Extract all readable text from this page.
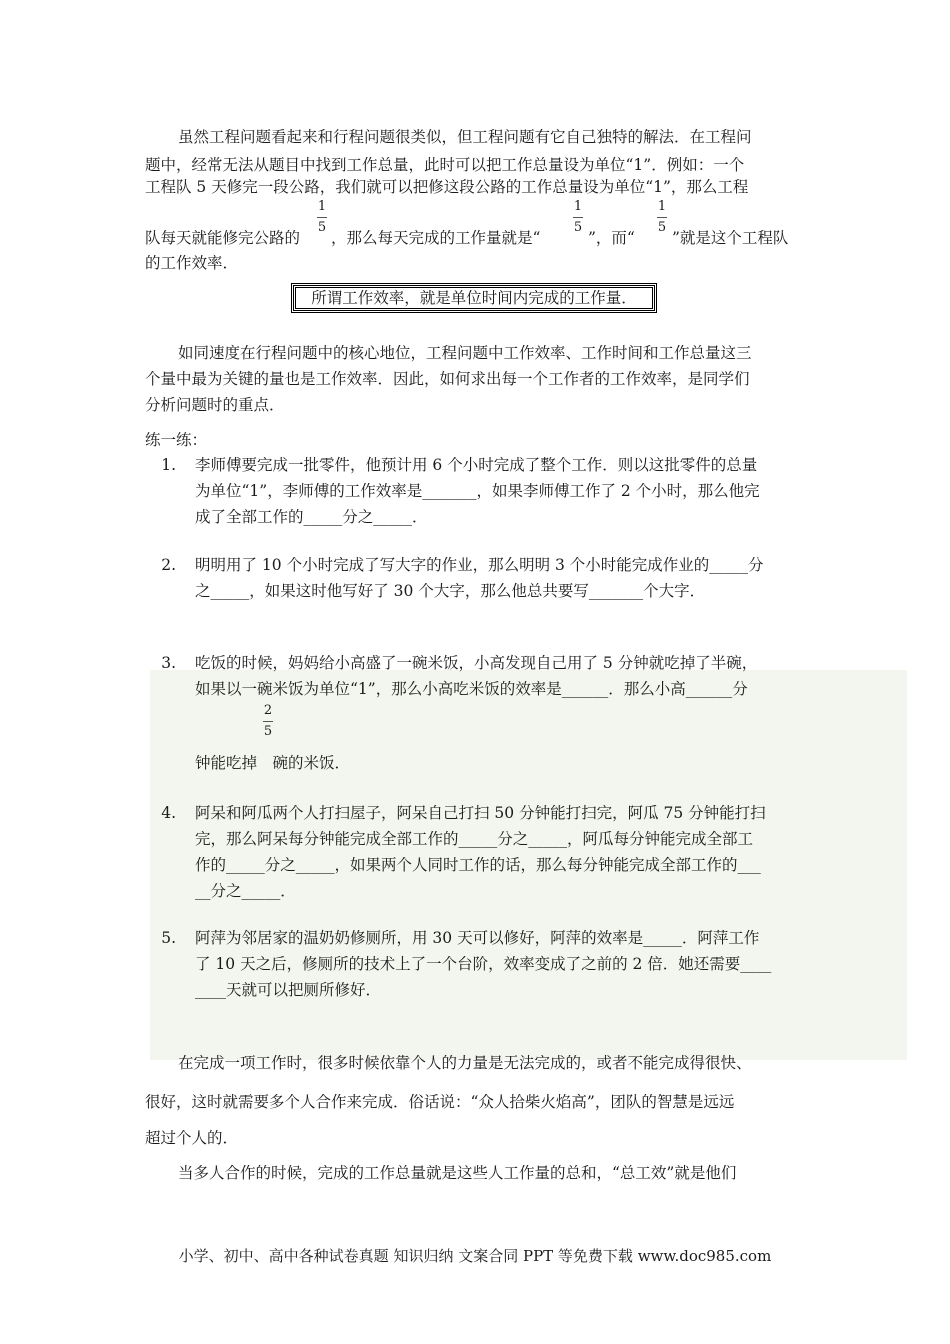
虽然工程问题看起来和行程问题很类似，但工程问题有它自己独特的解法．在工程问
题中，经常无法从题目中找到工作总量，此时可以把工作总量设为单位“1”．例如：一个
工程队 5 天修完一段公路，我们就可以把修这段公路的工作总量设为单位“1”，那么工程
队每天就能修完公路的
1
5
，那么每天完成的工作量就是“
1
5
”，而“
1
5
”就是这个工程队
的工作效率．
所谓工作效率，就是单位时间内完成的工作量．
如同速度在行程问题中的核心地位，工程问题中工作效率、工作时间和工作总量这三
个量中最为关键的量也是工作效率．因此，如何求出每一个工作者的工作效率，是同学们
分析问题时的重点．
练一练：
1. 李师傅要完成一批零件，他预计用 6 个小时完成了整个工作．则以这批零件的总量
为单位“1”，李师傅的工作效率是_______，如果李师傅工作了 2 个小时，那么他完
成了全部工作的_____分之_____．
2. 明明用了 10 个小时完成了写大字的作业，那么明明 3 个小时能完成作业的_____分
之_____，如果这时他写好了 30 个大字，那么他总共要写_______个大字．
3. 吃饭的时候，妈妈给小高盛了一碗米饭，小高发现自己用了 5 分钟就吃掉了半碗，
如果以一碗米饭为单位“1”，那么小高吃米饭的效率是______．那么小高______分
2
5
钟能吃掉　碗的米饭．
4. 阿呆和阿瓜两个人打扫屋子，阿呆自己打扫 50 分钟能打扫完，阿瓜 75 分钟能打扫
完，那么阿呆每分钟能完成全部工作的_____分之_____，阿瓜每分钟能完成全部工
作的_____分之_____，如果两个人同时工作的话，那么每分钟能完成全部工作的___
__分之_____．
5. 阿萍为邻居家的温奶奶修厕所，用 30 天可以修好，阿萍的效率是_____．阿萍工作
了 10 天之后，修厕所的技术上了一个台阶，效率变成了之前的 2 倍．她还需要____
____天就可以把厕所修好．
在完成一项工作时，很多时候依靠个人的力量是无法完成的，或者不能完成得很快、
很好，这时就需要多个人合作来完成．俗话说：“众人拾柴火焰高”，团队的智慧是远远
超过个人的．
当多人合作的时候，完成的工作总量就是这些人工作量的总和，“总工效”就是他们
小学、初中、高中各种试卷真题 知识归纳 文案合同 PPT 等免费下载 www.doc985.com
